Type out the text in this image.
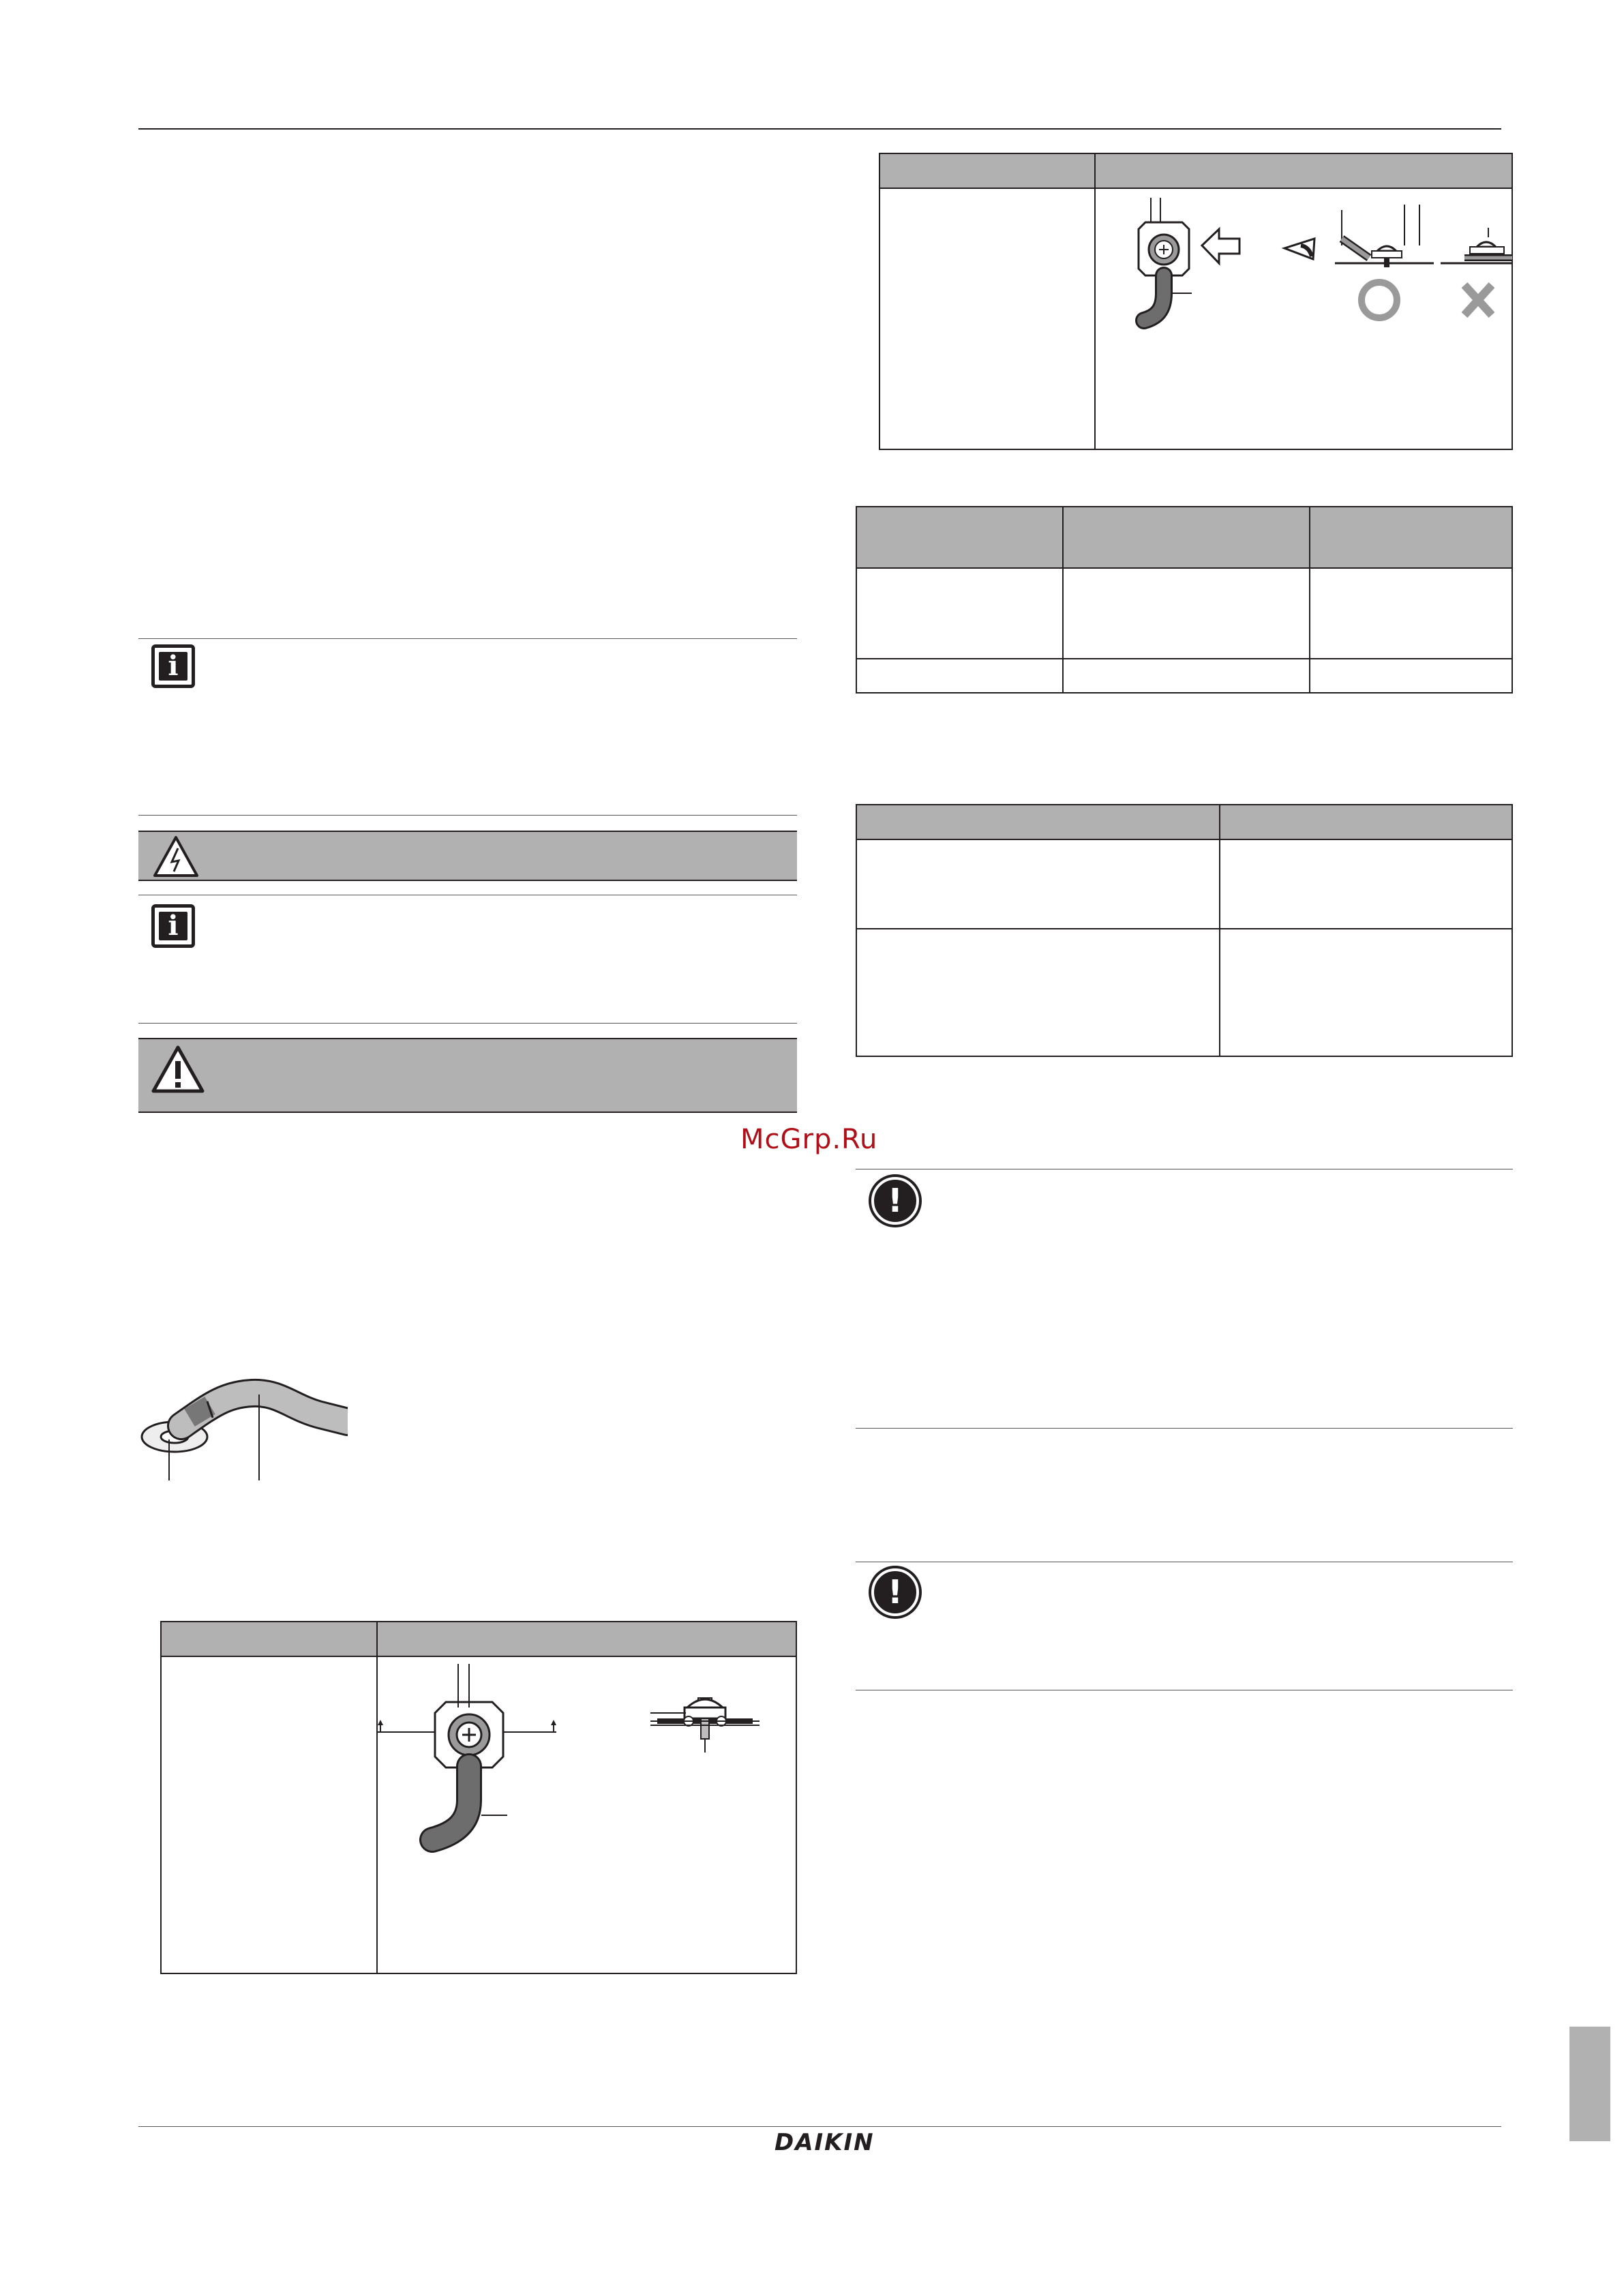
i
i
McGrp.Ru
!
!
DAIKIN
